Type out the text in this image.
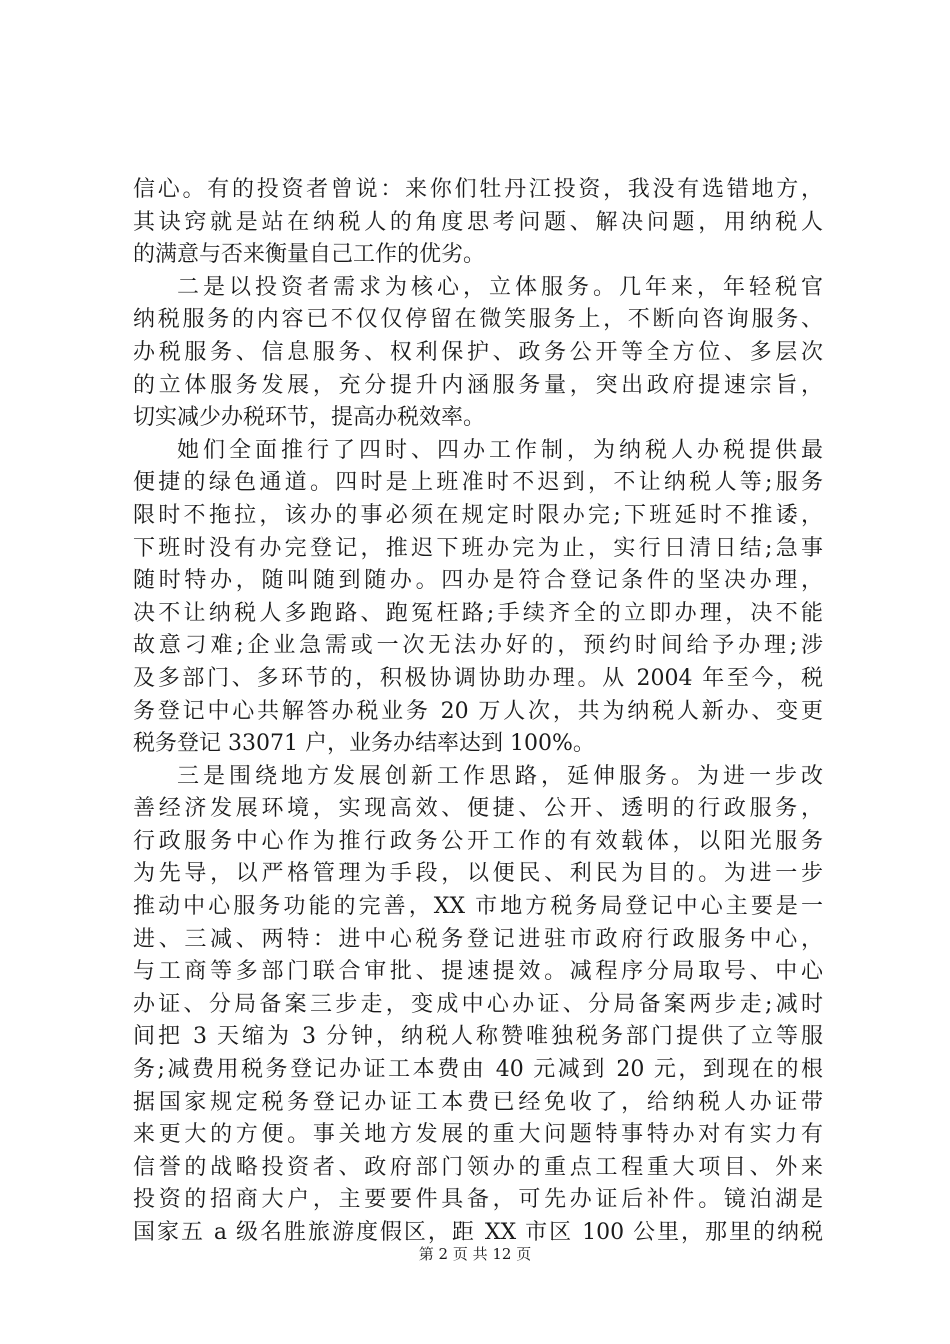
信心。有的投资者曾说：来你们牡丹江投资，我没有选错地方，
其诀窍就是站在纳税人的角度思考问题、解决问题，用纳税人
的满意与否来衡量自己工作的优劣。
二是以投资者需求为核心，立体服务。几年来，年轻税官
纳税服务的内容已不仅仅停留在微笑服务上，不断向咨询服务、
办税服务、信息服务、权利保护、政务公开等全方位、多层次
的立体服务发展，充分提升内涵服务量，突出政府提速宗旨，
切实减少办税环节，提高办税效率。
她们全面推行了四时、四办工作制，为纳税人办税提供最
便捷的绿色通道。四时是上班准时不迟到，不让纳税人等;服务
限时不拖拉，该办的事必须在规定时限办完;下班延时不推诿，
下班时没有办完登记，推迟下班办完为止，实行日清日结;急事
随时特办，随叫随到随办。四办是符合登记条件的坚决办理，
决不让纳税人多跑路、跑冤枉路;手续齐全的立即办理，决不能
故意刁难;企业急需或一次无法办好的，预约时间给予办理;涉
及多部门、多环节的，积极协调协助办理。从 2004 年至今，税
务登记中心共解答办税业务 20 万人次，共为纳税人新办、变更
税务登记 33071 户，业务办结率达到 100%。
三是围绕地方发展创新工作思路，延伸服务。为进一步改
善经济发展环境，实现高效、便捷、公开、透明的行政服务，
行政服务中心作为推行政务公开工作的有效载体，以阳光服务
为先导，以严格管理为手段，以便民、利民为目的。为进一步
推动中心服务功能的完善，XX 市地方税务局登记中心主要是一
进、三减、两特：进中心税务登记进驻市政府行政服务中心，
与工商等多部门联合审批、提速提效。减程序分局取号、中心
办证、分局备案三步走，变成中心办证、分局备案两步走;减时
间把 3 天缩为 3 分钟，纳税人称赞唯独税务部门提供了立等服
务;减费用税务登记办证工本费由 40 元减到 20 元，到现在的根
据国家规定税务登记办证工本费已经免收了，给纳税人办证带
来更大的方便。事关地方发展的重大问题特事特办对有实力有
信誉的战略投资者、政府部门领办的重点工程重大项目、外来
投资的招商大户，主要要件具备，可先办证后补件。镜泊湖是
国家五 a 级名胜旅游度假区，距 XX 市区 100 公里，那里的纳税
第 2 页 共 12 页
